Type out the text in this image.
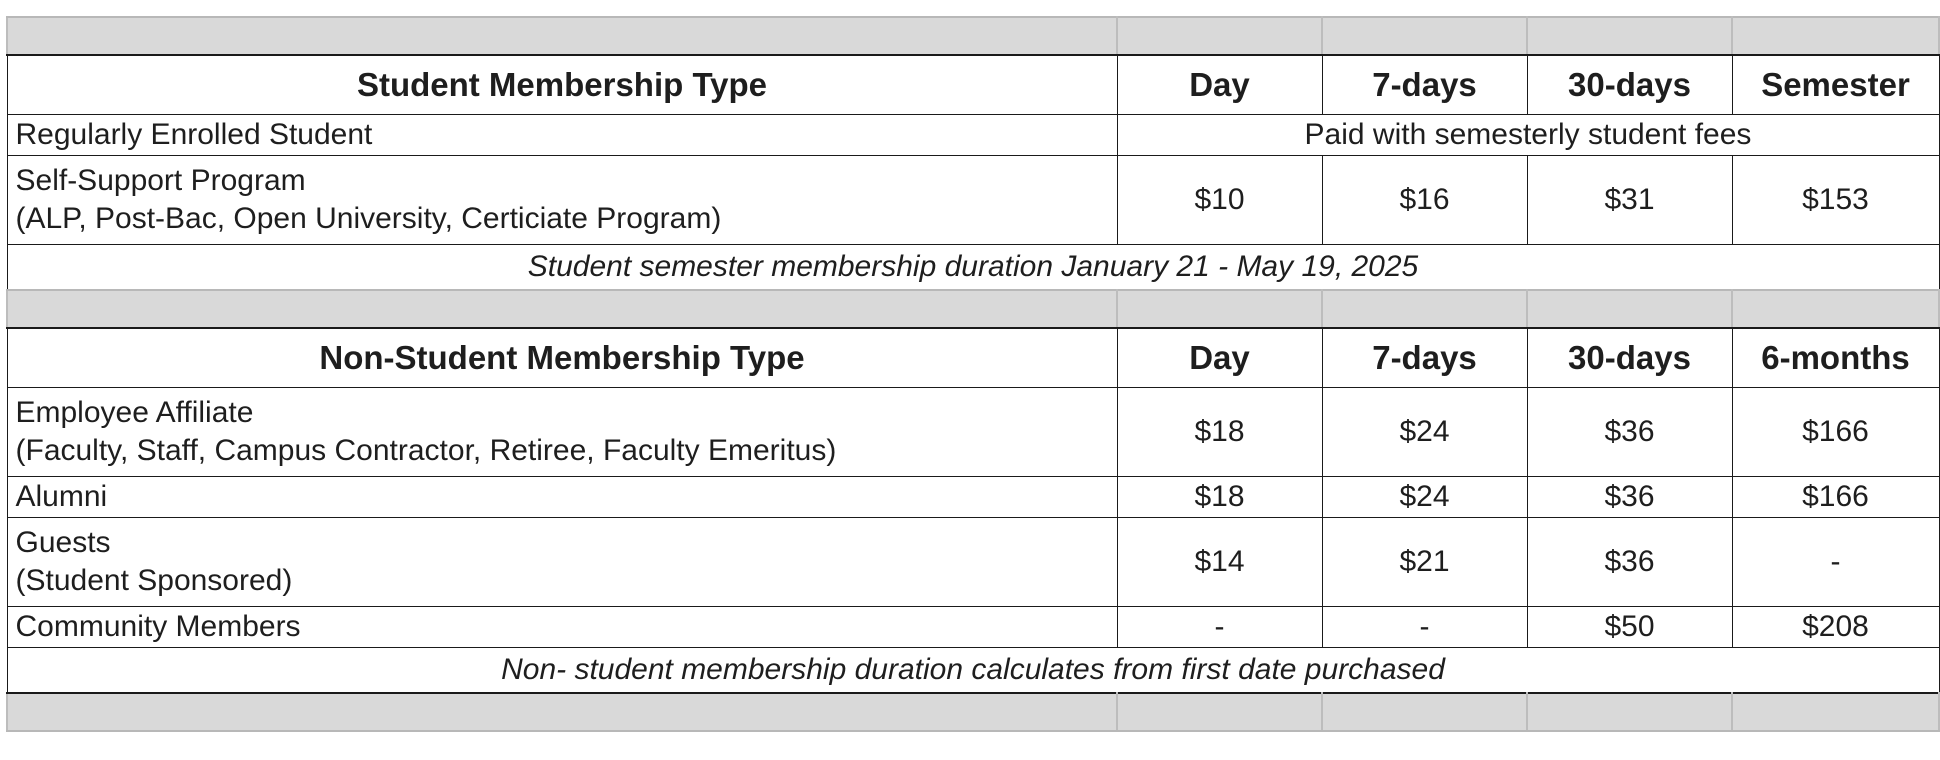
Student Membership Type	Day	7-days	30-days	Semester
Regularly Enrolled Student	Paid with semesterly student fees			

Self-Support Program
(ALP, Post-Bac, Open University, Certiciate Program)	$10	$16	$31	$153
Student semester membership duration January 21 - May 19, 2025				

Non-Student Membership Type	Day	7-days	30-days	6-months

Employee Affiliate
(Faculty, Staff, Campus Contractor, Retiree, Faculty Emeritus)	$18	$24	$36	$166
Alumni	$18	$24	$36	$166

Guests
(Student Sponsored)	$14	$21	$36	-
Community Members	-	-	$50	$208
Non- student membership duration calculates from first date purchased				
